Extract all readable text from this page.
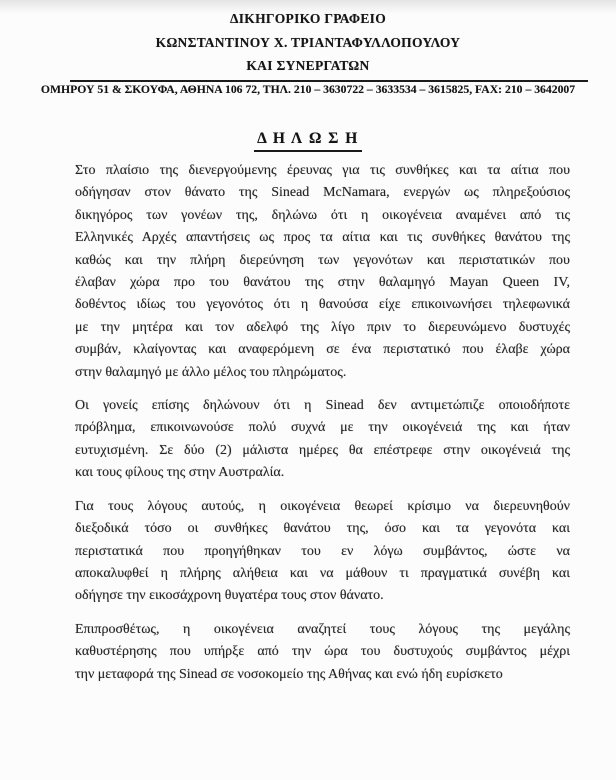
ΔΙΚΗΓΟΡΙΚΟ ΓΡΑΦΕΙΟ
ΚΩΝΣΤΑΝΤΙΝΟΥ Χ. ΤΡΙΑΝΤΑΦΥΛΛΟΠΟΥΛΟΥ
ΚΑΙ ΣΥΝΕΡΓΑΤΩΝ
ΟΜΗΡΟΥ 51 & ΣΚΟΥΦΑ, ΑΘΗΝΑ 106 72, ΤΗΛ. 210 – 3630722 – 3633534 – 3615825, FAX: 210 – 3642007
Δ Η Λ Ω Σ Η
Στο πλαίσιο της διενεργούμενης έρευνας για τις συνθήκες και τα αίτια που
οδήγησαν στον θάνατο της Sinead McNamara, ενεργών ως πληρεξούσιος
δικηγόρος των γονέων της, δηλώνω ότι η οικογένεια αναμένει από τις
Ελληνικές Αρχές απαντήσεις ως προς τα αίτια και τις συνθήκες θανάτου της
καθώς και την πλήρη διερεύνηση των γεγονότων και περιστατικών που
έλαβαν χώρα προ του θανάτου της στην θαλαμηγό Mayan Queen IV,
δοθέντος ιδίως του γεγονότος ότι η θανούσα είχε επικοινωνήσει τηλεφωνικά
με την μητέρα και τον αδελφό της λίγο πριν το διερευνώμενο δυστυχές
συμβάν, κλαίγοντας και αναφερόμενη σε ένα περιστατικό που έλαβε χώρα
στην θαλαμηγό με άλλο μέλος του πληρώματος.
Οι γονείς επίσης δηλώνουν ότι η Sinead δεν αντιμετώπιζε οποιοδήποτε
πρόβλημα, επικοινωνούσε πολύ συχνά με την οικογένειά της και ήταν
ευτυχισμένη. Σε δύο (2) μάλιστα ημέρες θα επέστρεφε στην οικογένειά της
και τους φίλους της στην Αυστραλία.
Για τους λόγους αυτούς, η οικογένεια θεωρεί κρίσιμο να διερευνηθούν
διεξοδικά τόσο οι συνθήκες θανάτου της, όσο και τα γεγονότα και
περιστατικά που προηγήθηκαν του εν λόγω συμβάντος, ώστε να
αποκαλυφθεί η πλήρης αλήθεια και να μάθουν τι πραγματικά συνέβη και
οδήγησε την εικοσάχρονη θυγατέρα τους στον θάνατο.
Επιπροσθέτως, η οικογένεια αναζητεί τους λόγους της μεγάλης
καθυστέρησης που υπήρξε από την ώρα του δυστυχούς συμβάντος μέχρι
την μεταφορά της Sinead σε νοσοκομείο της Αθήνας και ενώ ήδη ευρίσκετο
